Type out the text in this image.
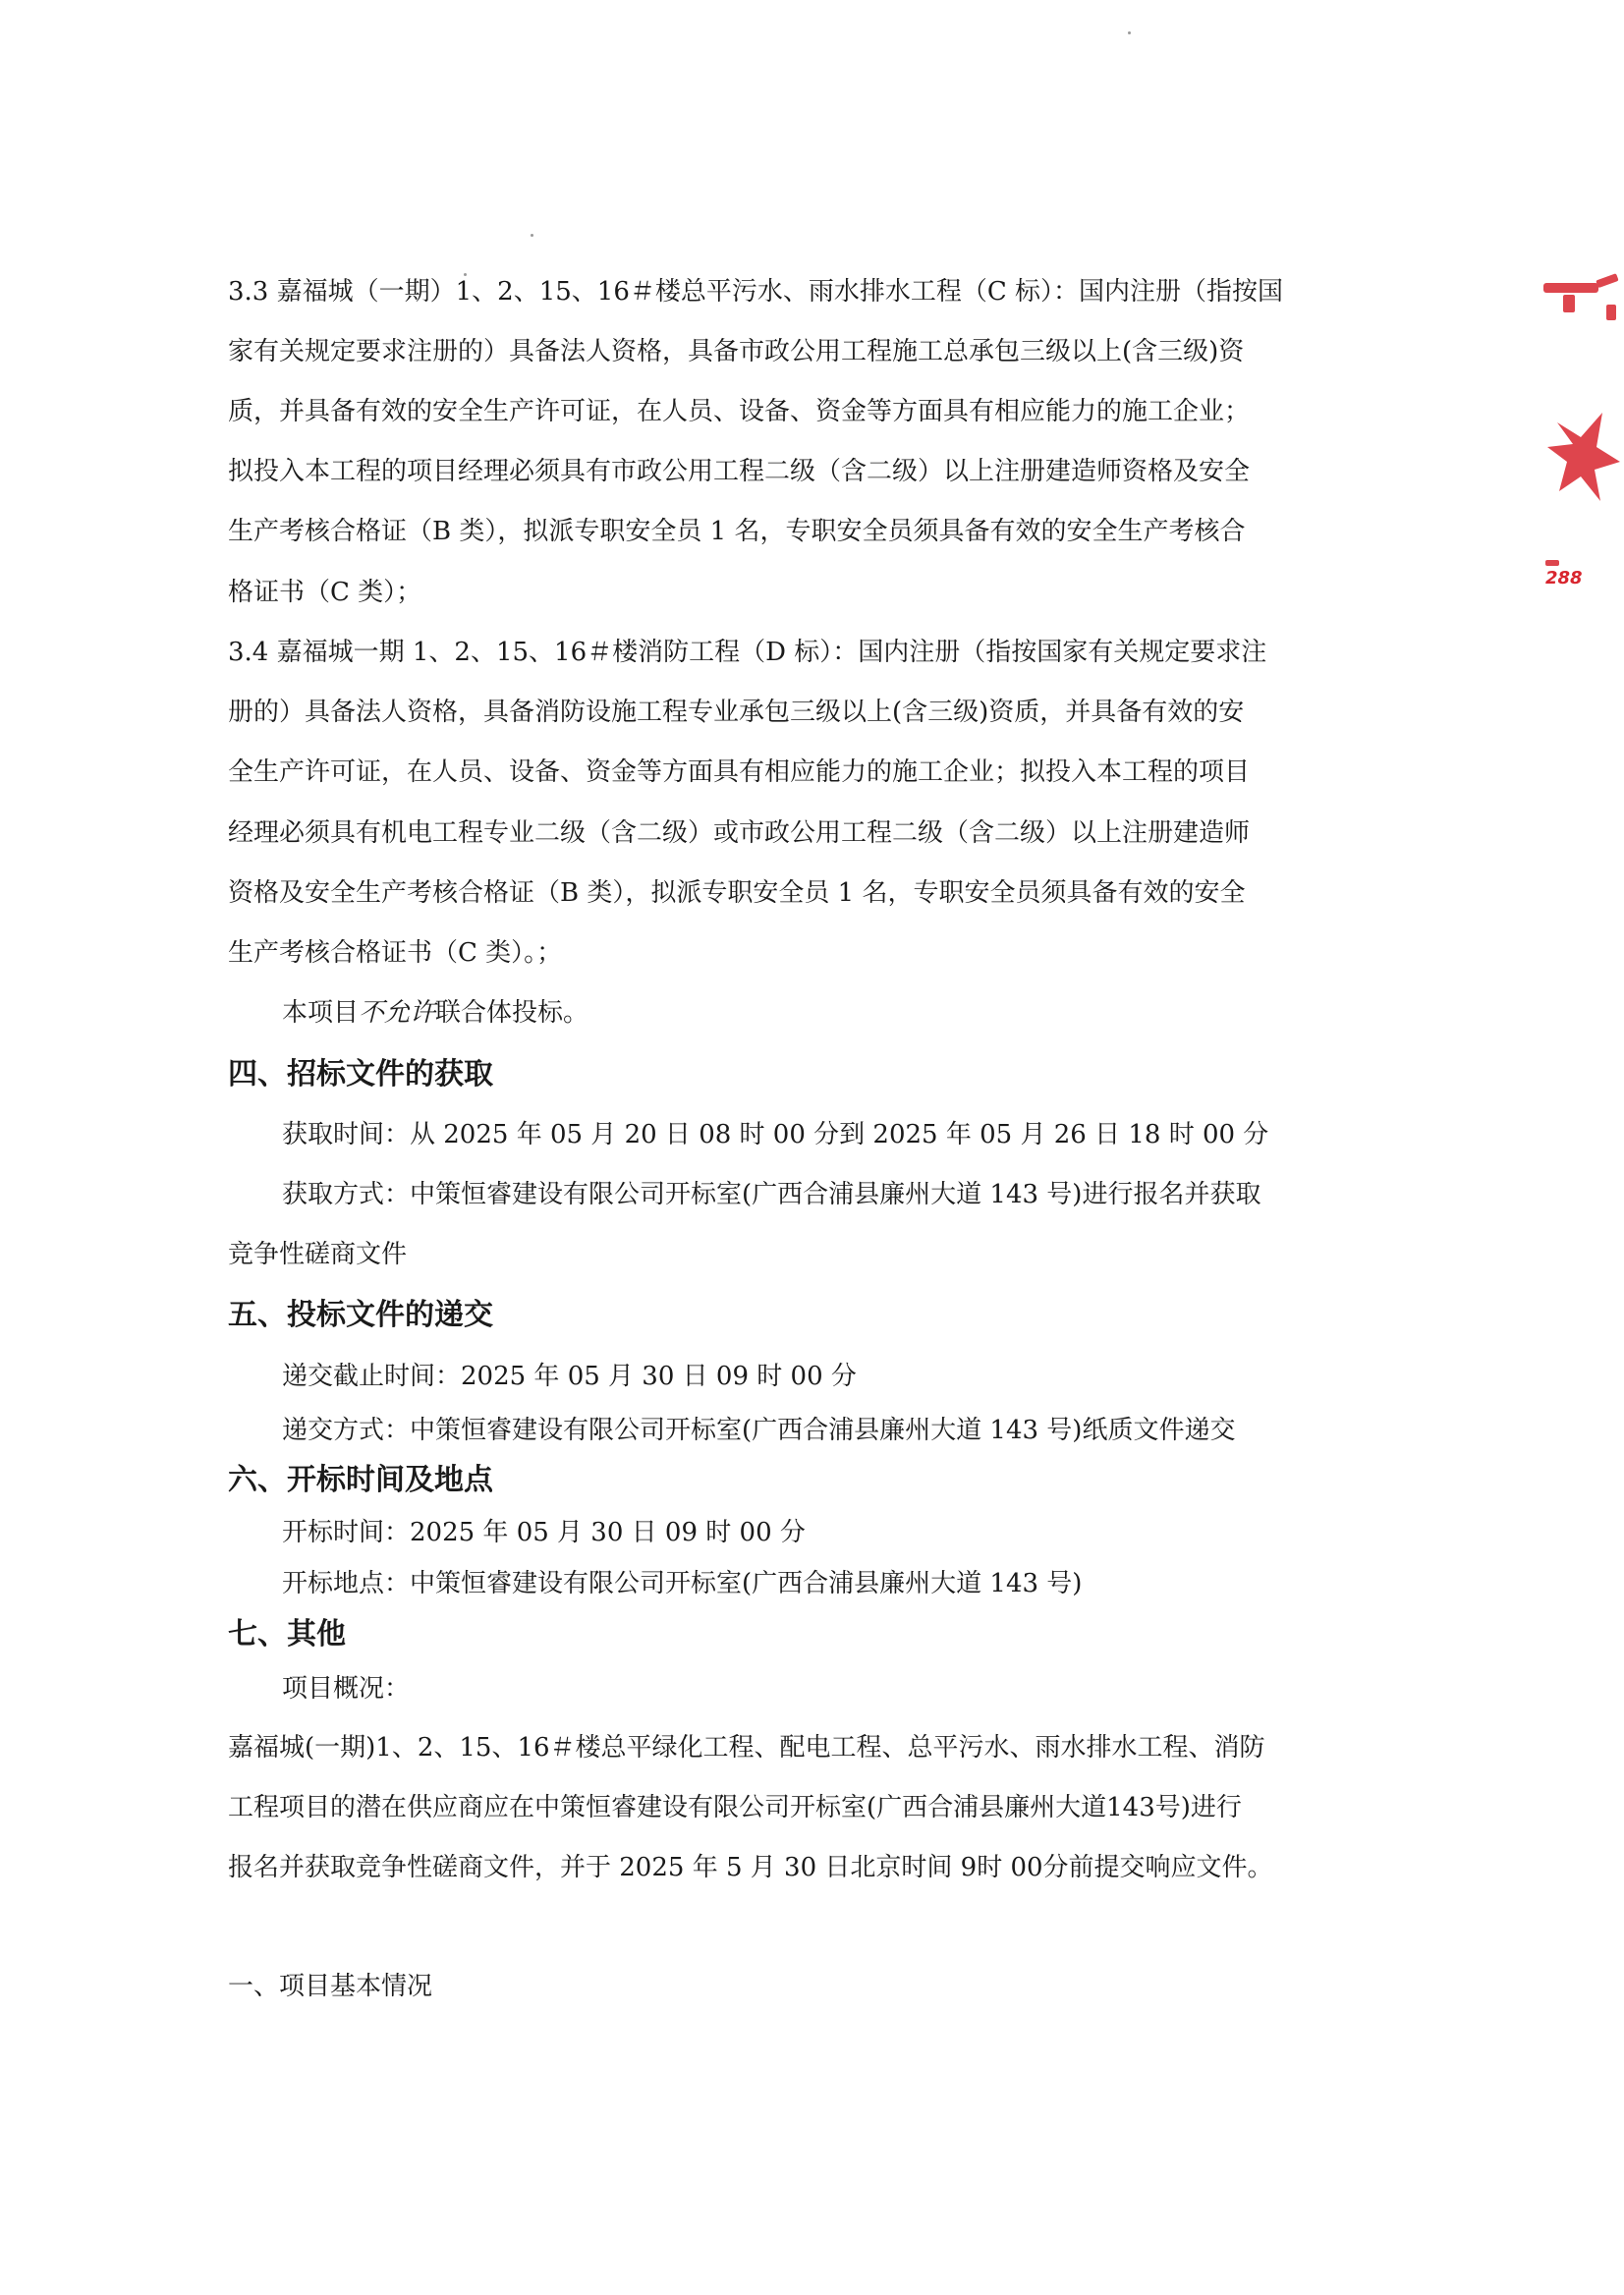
3.3 嘉福城（一期）1、2、15、16＃楼总平污水、雨水排水工程（C 标）：国内注册（指按国
家有关规定要求注册的）具备法人资格，具备市政公用工程施工总承包三级以上(含三级)资
质，并具备有效的安全生产许可证，在人员、设备、资金等方面具有相应能力的施工企业；
拟投入本工程的项目经理必须具有市政公用工程二级（含二级）以上注册建造师资格及安全
生产考核合格证（B 类），拟派专职安全员 1 名，专职安全员须具备有效的安全生产考核合
格证书（C 类）；
3.4 嘉福城一期 1、2、15、16＃楼消防工程（D 标）：国内注册（指按国家有关规定要求注
册的）具备法人资格，具备消防设施工程专业承包三级以上(含三级)资质，并具备有效的安
全生产许可证，在人员、设备、资金等方面具有相应能力的施工企业；拟投入本工程的项目
经理必须具有机电工程专业二级（含二级）或市政公用工程二级（含二级）以上注册建造师
资格及安全生产考核合格证（B 类），拟派专职安全员 1 名，专职安全员须具备有效的安全
生产考核合格证书（C 类）。；
本项目不允许联合体投标。
四、招标文件的获取
获取时间：从 2025 年 05 月 20 日 08 时 00 分到 2025 年 05 月 26 日 18 时 00 分
获取方式：中策恒睿建设有限公司开标室(广西合浦县廉州大道 143 号)进行报名并获取
竞争性磋商文件
五、投标文件的递交
递交截止时间：2025 年 05 月 30 日 09 时 00 分
递交方式：中策恒睿建设有限公司开标室(广西合浦县廉州大道 143 号)纸质文件递交
六、开标时间及地点
开标时间：2025 年 05 月 30 日 09 时 00 分
开标地点：中策恒睿建设有限公司开标室(广西合浦县廉州大道 143 号)
七、其他
项目概况：
嘉福城(一期)1、2、15、16＃楼总平绿化工程、配电工程、总平污水、雨水排水工程、消防
工程项目的潜在供应商应在中策恒睿建设有限公司开标室(广西合浦县廉州大道143号)进行
报名并获取竞争性磋商文件，并于 2025 年 5 月 30 日北京时间 9时 00分前提交响应文件。
一、项目基本情况
288
